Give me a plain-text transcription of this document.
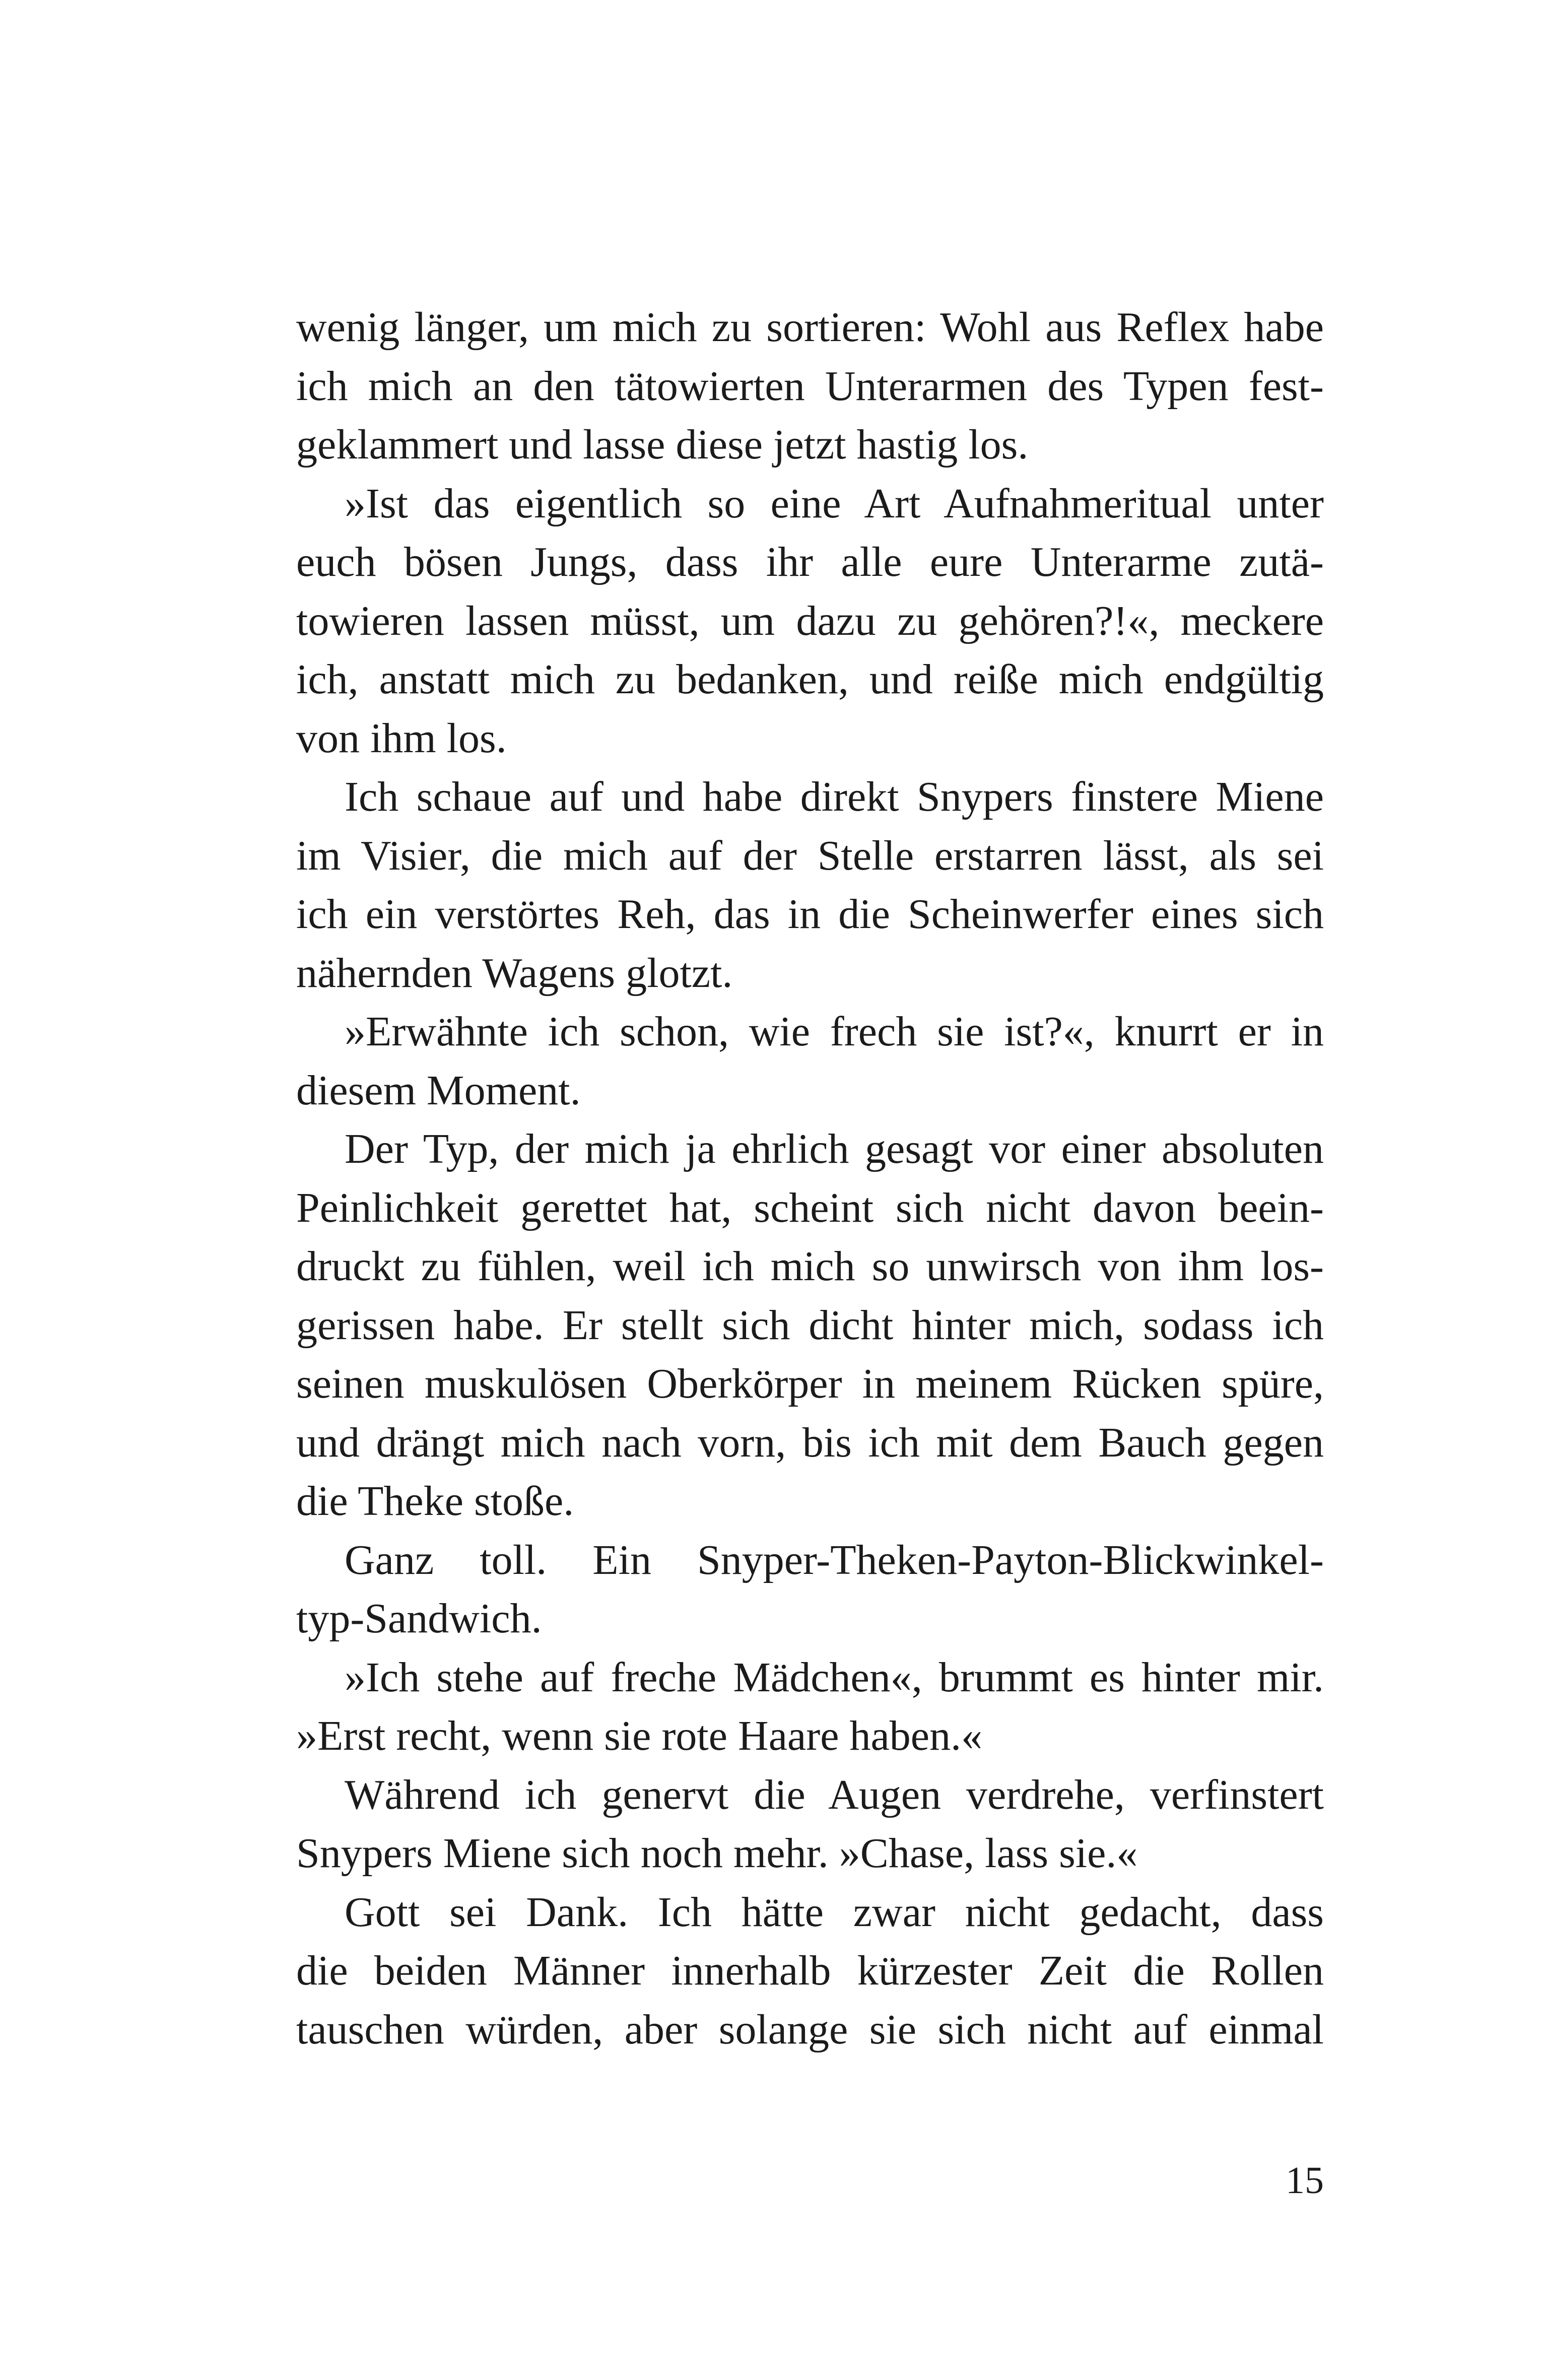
wenig länger, um mich zu sortieren: Wohl aus Reflex habe
ich mich an den tätowierten Unterarmen des Typen fest-
geklammert und lasse diese jetzt hastig los.
»Ist das eigentlich so eine Art Aufnahmeritual unter
euch bösen Jungs, dass ihr alle eure Unterarme zutä-
towieren lassen müsst, um dazu zu gehören?!«, meckere
ich, anstatt mich zu bedanken, und reiße mich endgültig
von ihm los.
Ich schaue auf und habe direkt Snypers finstere Miene
im Visier, die mich auf der Stelle erstarren lässt, als sei
ich ein verstörtes Reh, das in die Scheinwerfer eines sich
nähernden Wagens glotzt.
»Erwähnte ich schon, wie frech sie ist?«, knurrt er in
diesem Moment.
Der Typ, der mich ja ehrlich gesagt vor einer absoluten
Peinlichkeit gerettet hat, scheint sich nicht davon beein-
druckt zu fühlen, weil ich mich so unwirsch von ihm los-
gerissen habe. Er stellt sich dicht hinter mich, sodass ich
seinen muskulösen Oberkörper in meinem Rücken spüre,
und drängt mich nach vorn, bis ich mit dem Bauch gegen
die Theke stoße.
Ganz toll. Ein Snyper-Theken-Payton-Blickwinkel-
typ-Sandwich.
»Ich stehe auf freche Mädchen«, brummt es hinter mir.
»Erst recht, wenn sie rote Haare haben.«
Während ich genervt die Augen verdrehe, verfinstert
Snypers Miene sich noch mehr. »Chase, lass sie.«
Gott sei Dank. Ich hätte zwar nicht gedacht, dass
die beiden Männer innerhalb kürzester Zeit die Rollen
tauschen würden, aber solange sie sich nicht auf einmal
15
